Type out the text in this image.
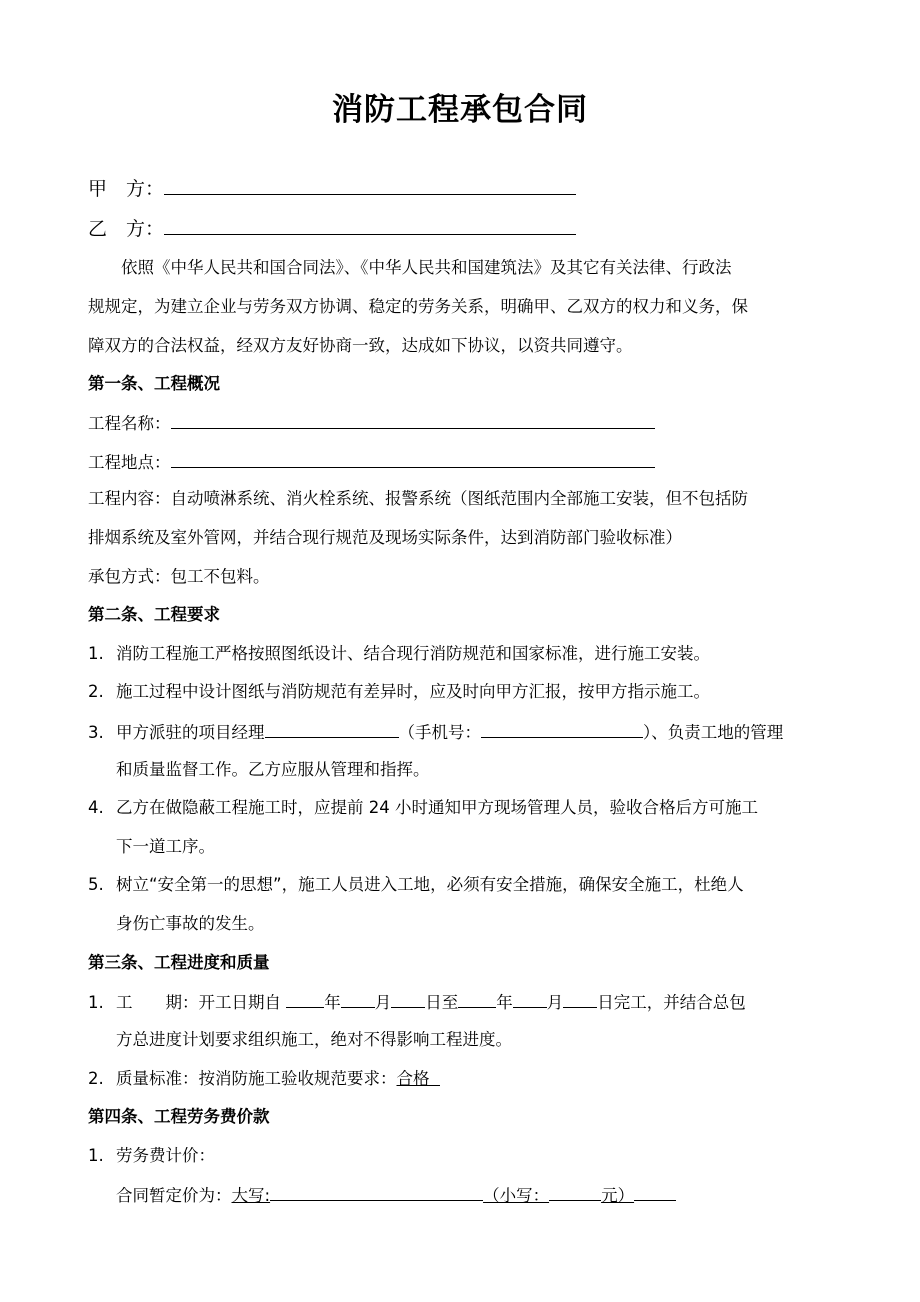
消防工程承包合同
甲　方：
乙　方：
　　依照《中华人民共和国合同法》、《中华人民共和国建筑法》及其它有关法律、行政法
规规定，为建立企业与劳务双方协调、稳定的劳务关系，明确甲、乙双方的权力和义务，保
障双方的合法权益，经双方友好协商一致，达成如下协议，以资共同遵守。
第一条、工程概况
工程名称：
工程地点：
工程内容：自动喷淋系统、消火栓系统、报警系统（图纸范围内全部施工安装，但不包括防
排烟系统及室外管网，并结合现行规范及现场实际条件，达到消防部门验收标准）
承包方式：包工不包料。
第二条、工程要求
1. 消防工程施工严格按照图纸设计、结合现行消防规范和国家标准，进行施工安装。
2. 施工过程中设计图纸与消防规范有差异时，应及时向甲方汇报，按甲方指示施工。
3. 甲方派驻的项目经理	（手机号：	）、负责工地的管理
和质量监督工作。乙方应服从管理和指挥。
4. 乙方在做隐蔽工程施工时，应提前 24 小时通知甲方现场管理人员，验收合格后方可施工
下一道工序。
5. 树立“安全第一的思想”，施工人员进入工地，必须有安全措施，确保安全施工，杜绝人
身伤亡事故的发生。
第三条、工程进度和质量
1. 工　　期：开工日期自	年 月 日至 年 月 日完工，并结合总包
方总进度计划要求组织施工，绝对不得影响工程进度。
2. 质量标准：按消防施工验收规范要求：合格
第四条、工程劳务费价款
1. 劳务费计价：
合同暂定价为：大写:	（小写：	元）
